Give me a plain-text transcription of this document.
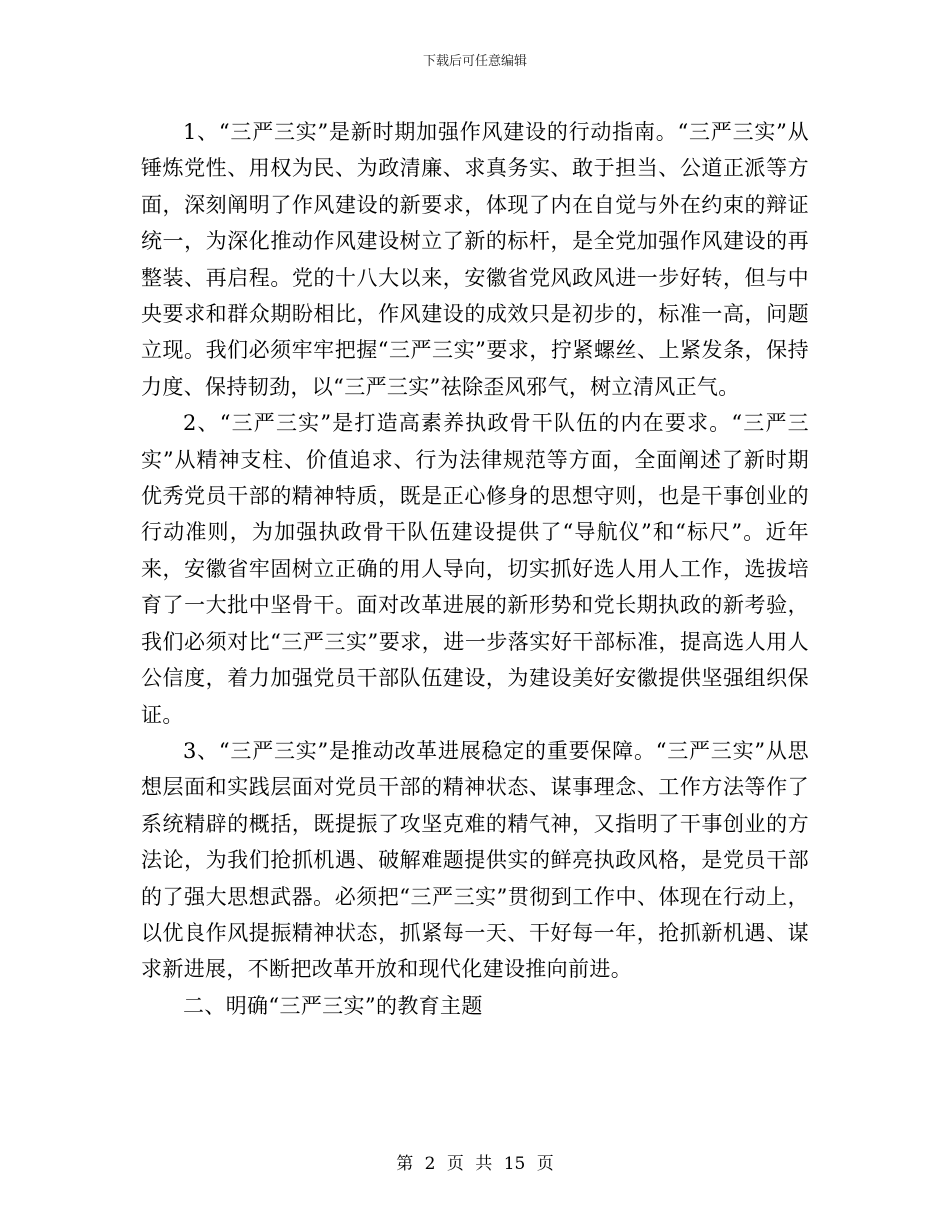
下载后可任意编辑

1、“三严三实”是新时期加强作风建设的行动指南。“三严三实”从锤炼党性、用权为民、为政清廉、求真务实、敢于担当、公道正派等方面，深刻阐明了作风建设的新要求，体现了内在自觉与外在约束的辩证统一，为深化推动作风建设树立了新的标杆，是全党加强作风建设的再整装、再启程。党的十八大以来，安徽省党风政风进一步好转，但与中央要求和群众期盼相比，作风建设的成效只是初步的，标准一高，问题立现。我们必须牢牢把握“三严三实”要求，拧紧螺丝、上紧发条，保持力度、保持韧劲，以“三严三实”祛除歪风邪气，树立清风正气。

2、“三严三实”是打造高素养执政骨干队伍的内在要求。“三严三实”从精神支柱、价值追求、行为法律规范等方面，全面阐述了新时期优秀党员干部的精神特质，既是正心修身的思想守则，也是干事创业的行动准则，为加强执政骨干队伍建设提供了“导航仪”和“标尺”。近年来，安徽省牢固树立正确的用人导向，切实抓好选人用人工作，选拔培育了一大批中坚骨干。面对改革进展的新形势和党长期执政的新考验，我们必须对比“三严三实”要求，进一步落实好干部标准，提高选人用人公信度，着力加强党员干部队伍建设，为建设美好安徽提供坚强组织保证。

3、“三严三实”是推动改革进展稳定的重要保障。“三严三实”从思想层面和实践层面对党员干部的精神状态、谋事理念、工作方法等作了系统精辟的概括，既提振了攻坚克难的精气神，又指明了干事创业的方法论，为我们抢抓机遇、破解难题提供实的鲜亮执政风格，是党员干部的了强大思想武器。必须把“三严三实”贯彻到工作中、体现在行动上，以优良作风提振精神状态，抓紧每一天、干好每一年，抢抓新机遇、谋求新进展，不断把改革开放和现代化建设推向前进。

二、明确“三严三实”的教育主题

第 2 页 共 15 页
